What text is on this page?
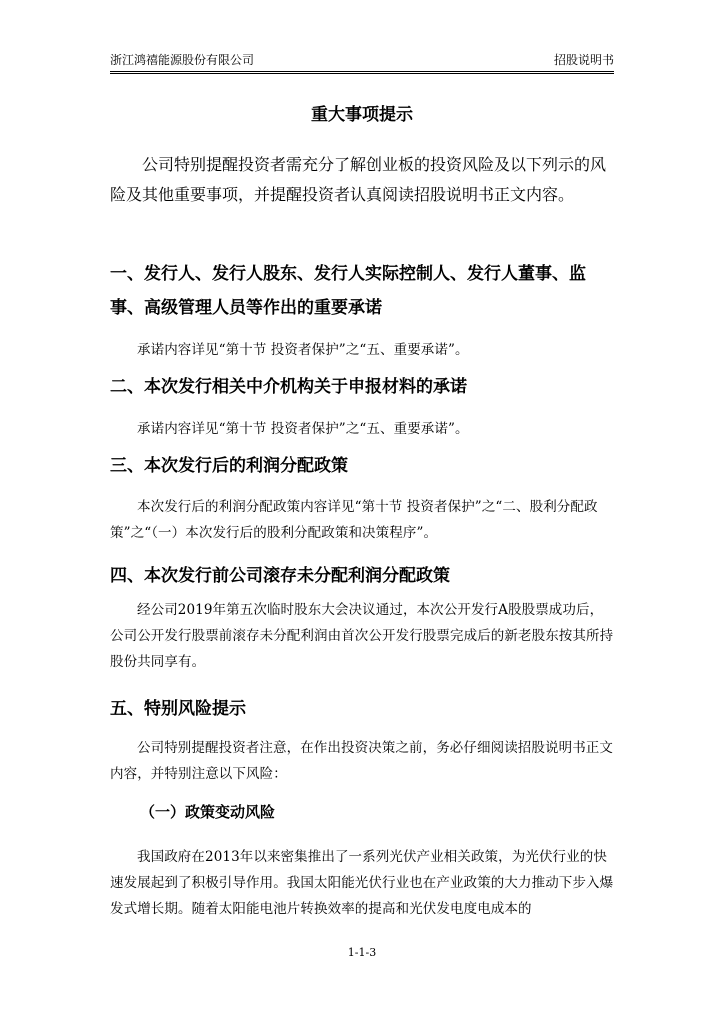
浙江鸿禧能源股份有限公司	招股说明书
重大事项提示

公司特别提醒投资者需充分了解创业板的投资风险及以下列示的风险及其他重要事项，并提醒投资者认真阅读招股说明书正文内容。

一、发行人、发行人股东、发行人实际控制人、发行人董事、监事、高级管理人员等作出的重要承诺

承诺内容详见“第十节 投资者保护”之“五、重要承诺”。

二、本次发行相关中介机构关于申报材料的承诺

承诺内容详见“第十节 投资者保护”之“五、重要承诺”。

三、本次发行后的利润分配政策

本次发行后的利润分配政策内容详见“第十节 投资者保护”之“二、股利分配政策”之“（一）本次发行后的股利分配政策和决策程序”。

四、本次发行前公司滚存未分配利润分配政策

经公司2019年第五次临时股东大会决议通过，本次公开发行A股股票成功后，公司公开发行股票前滚存未分配利润由首次公开发行股票完成后的新老股东按其所持股份共同享有。

五、特别风险提示

公司特别提醒投资者注意，在作出投资决策之前，务必仔细阅读招股说明书正文内容，并特别注意以下风险：

（一）政策变动风险

我国政府在2013年以来密集推出了一系列光伏产业相关政策，为光伏行业的快速发展起到了积极引导作用。我国太阳能光伏行业也在产业政策的大力推动下步入爆发式增长期。随着太阳能电池片转换效率的提高和光伏发电度电成本的

1-1-3
